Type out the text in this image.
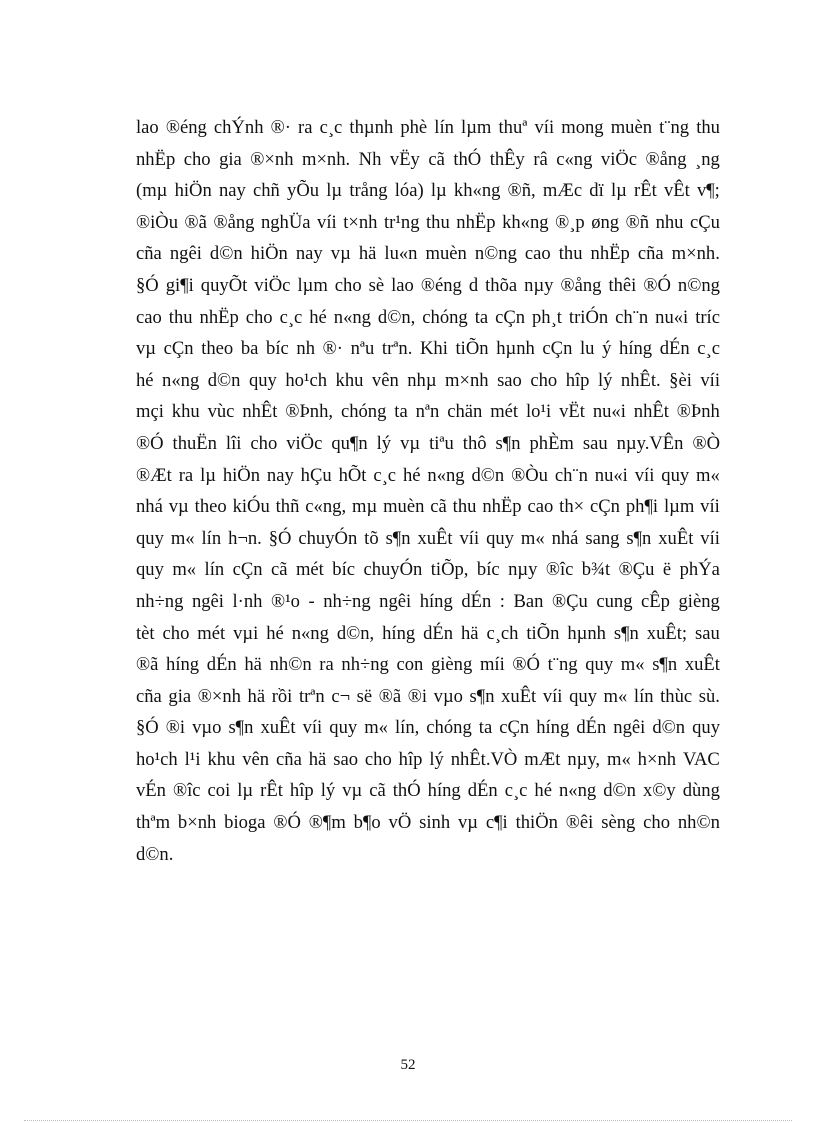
lao ®éng chÝnh ®· ra c¸c thµnh phè lín lµm thuª víi mong muèn t¨ng thu
nhËp cho gia ®×nh m×nh. Nh vËy cã thÓ thÊy râ c«ng viÖc ®ång ¸ng
(mµ hiÖn nay chñ yÕu lµ trång lóa) lµ kh«ng ®ñ, mÆc dï lµ rÊt vÊt v¶;
®iÒu ®ã ®ång nghÜa víi t×nh tr¹ng thu nhËp kh«ng ®¸p øng ®ñ nhu cÇu
cña ngêi d©n hiÖn nay vµ hä lu«n muèn n©ng cao thu nhËp cña m×nh.
§Ó gi¶i quyÕt viÖc lµm cho sè lao ®éng d thõa nµy ®ång thêi ®Ó n©ng
cao thu nhËp cho c¸c hé n«ng d©n, chóng ta cÇn ph¸t triÓn ch¨n nu«i tríc
vµ cÇn theo ba bíc nh ®· nªu trªn. Khi tiÕn hµnh cÇn lu ý híng dÉn c¸c
hé n«ng d©n quy ho¹ch khu vên nhµ m×nh sao cho hîp lý nhÊt. §èi víi
mçi khu vùc nhÊt ®Þnh, chóng ta nªn chän mét lo¹i vËt nu«i nhÊt ®Þnh
®Ó thuËn lîi cho viÖc qu¶n lý vµ tiªu thô s¶n phÈm sau nµy.VÊn ®Ò
®Æt ra lµ hiÖn nay hÇu hÕt c¸c hé n«ng d©n ®Òu ch¨n nu«i víi quy m«
nhá vµ theo kiÓu thñ c«ng, mµ muèn cã thu nhËp cao th× cÇn ph¶i lµm víi
quy m« lín h¬n. §Ó chuyÓn tõ s¶n xuÊt víi quy m« nhá sang s¶n xuÊt víi
quy m« lín cÇn cã mét bíc chuyÓn tiÕp, bíc nµy ®îc b¾t ®Çu ë phÝa
nh÷ng ngêi l·nh ®¹o - nh÷ng ngêi híng dÉn : Ban ®Çu cung cÊp gièng
tèt cho mét vµi hé n«ng d©n, híng dÉn hä c¸ch tiÕn hµnh s¶n xuÊt; sau
®ã híng dÉn hä nh©n ra nh÷ng con gièng míi ®Ó t¨ng quy m« s¶n xuÊt
cña gia ®×nh hä rồi trªn c¬ së ®ã ®i vµo s¶n xuÊt víi quy m« lín thùc sù.
§Ó ®i vµo s¶n xuÊt víi quy m« lín, chóng ta cÇn híng dÉn ngêi d©n quy
ho¹ch l¹i khu vên cña hä sao cho hîp lý nhÊt.VÒ mÆt nµy, m« h×nh VAC
vÉn ®îc coi lµ rÊt hîp lý vµ cã thÓ híng dÉn c¸c hé n«ng d©n x©y dùng
thªm b×nh bioga ®Ó ®¶m b¶o vÖ sinh vµ c¶i thiÖn ®êi sèng cho nh©n
d©n.
52
